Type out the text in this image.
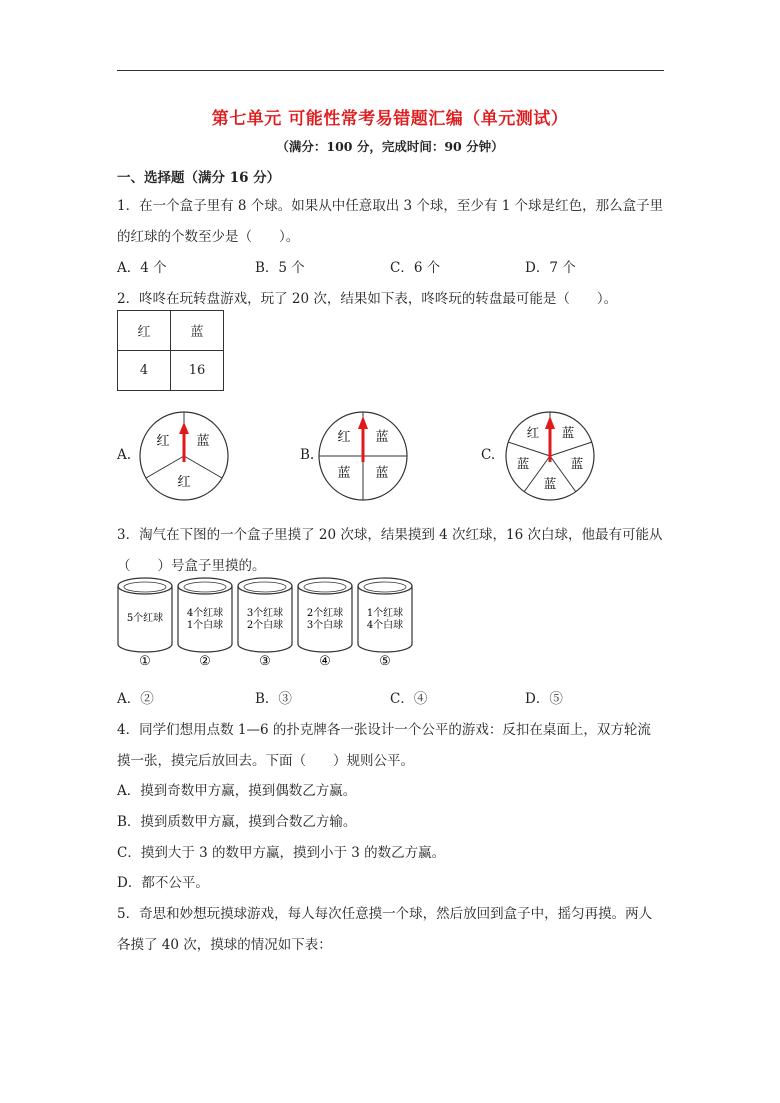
第七单元 可能性常考易错题汇编（单元测试）
（满分：100 分，完成时间：90 分钟）
一、选择题（满分 16 分）
1．在一个盒子里有 8 个球。如果从中任意取出 3 个球，至少有 1 个球是红色，那么盒子里
的红球的个数至少是（　　）。
A．4 个	B．5 个	C．6 个	D．7 个
2．咚咚在玩转盘游戏，玩了 20 次，结果如下表，咚咚玩的转盘最可能是（　　）。
红	蓝
4	16
A.
红 蓝
红
B.
红 蓝
蓝 蓝
C.
红 蓝
蓝	蓝
蓝
3．淘气在下图的一个盒子里摸了 20 次球，结果摸到 4 次红球，16 次白球，他最有可能从
（　　）号盒子里摸的。
5个红球
①
4个红球
1个白球
②
3个红球
2个白球
③
2个红球
3个白球
④
1个红球
4个白球
⑤
A．②	B．③	C．④	D．⑤
4．同学们想用点数 1—6 的扑克牌各一张设计一个公平的游戏：反扣在桌面上，双方轮流
摸一张，摸完后放回去。下面（　　）规则公平。
A．摸到奇数甲方赢，摸到偶数乙方赢。
B．摸到质数甲方赢，摸到合数乙方输。
C．摸到大于 3 的数甲方赢，摸到小于 3 的数乙方赢。
D．都不公平。
5．奇思和妙想玩摸球游戏，每人每次任意摸一个球，然后放回到盒子中，摇匀再摸。两人
各摸了 40 次，摸球的情况如下表：
